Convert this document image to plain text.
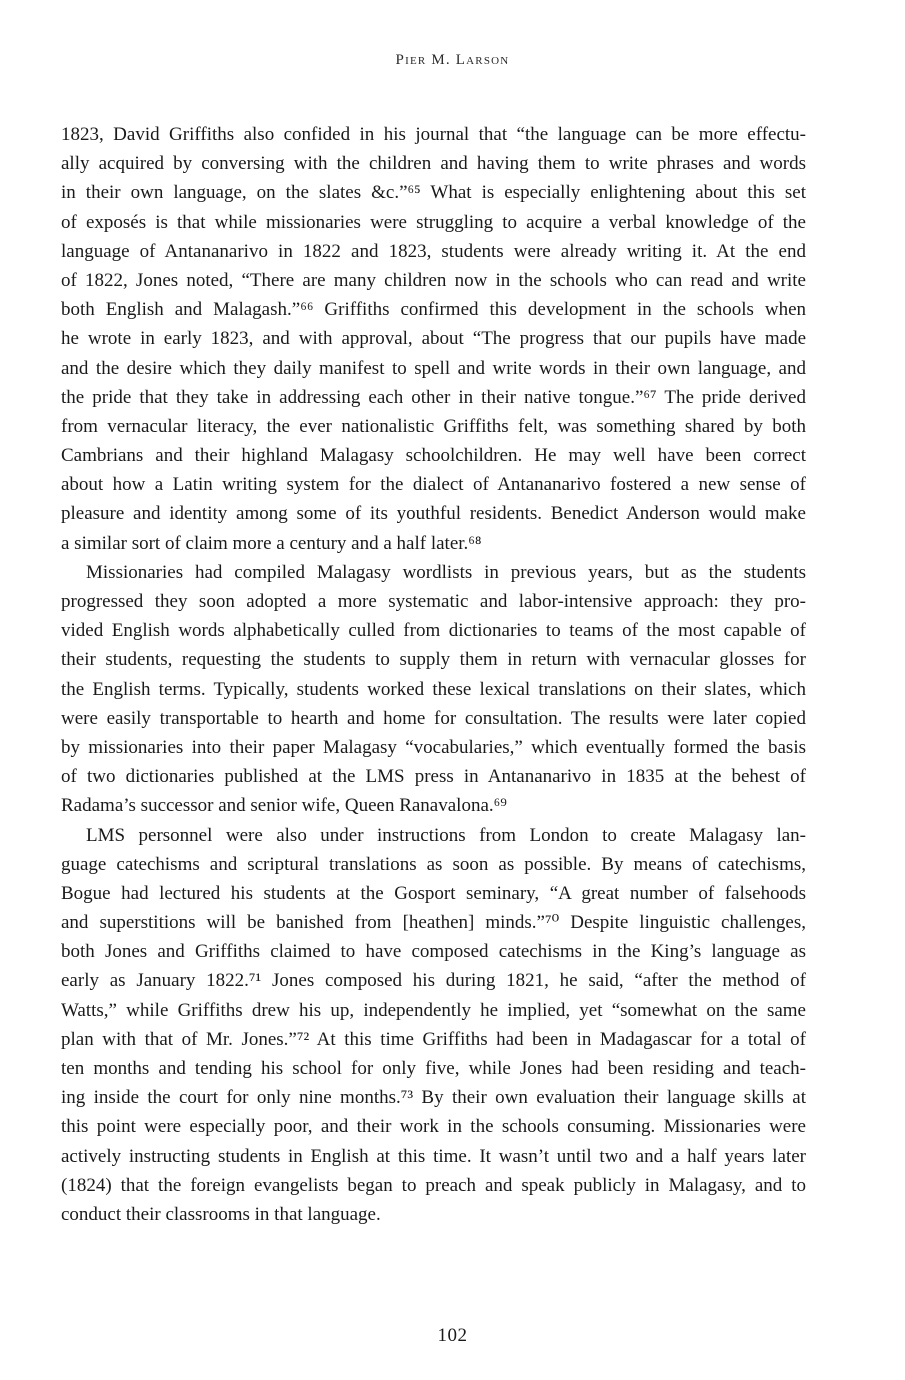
Pier M. Larson
1823, David Griffiths also confided in his journal that “the language can be more effectu-
ally acquired by conversing with the children and having them to write phrases and words
in their own language, on the slates &c.”⁶⁵ What is especially enlightening about this set
of exposés is that while missionaries were struggling to acquire a verbal knowledge of the
language of Antananarivo in 1822 and 1823, students were already writing it. At the end
of 1822, Jones noted, “There are many children now in the schools who can read and write
both English and Malagash.”⁶⁶ Griffiths confirmed this development in the schools when
he wrote in early 1823, and with approval, about “The progress that our pupils have made
and the desire which they daily manifest to spell and write words in their own language, and
the pride that they take in addressing each other in their native tongue.”⁶⁷ The pride derived
from vernacular literacy, the ever nationalistic Griffiths felt, was something shared by both
Cambrians and their highland Malagasy schoolchildren. He may well have been correct
about how a Latin writing system for the dialect of Antananarivo fostered a new sense of
pleasure and identity among some of its youthful residents. Benedict Anderson would make
a similar sort of claim more a century and a half later.⁶⁸
Missionaries had compiled Malagasy wordlists in previous years, but as the students
progressed they soon adopted a more systematic and labor-intensive approach: they pro-
vided English words alphabetically culled from dictionaries to teams of the most capable of
their students, requesting the students to supply them in return with vernacular glosses for
the English terms. Typically, students worked these lexical translations on their slates, which
were easily transportable to hearth and home for consultation. The results were later copied
by missionaries into their paper Malagasy “vocabularies,” which eventually formed the basis
of two dictionaries published at the LMS press in Antananarivo in 1835 at the behest of
Radama’s successor and senior wife, Queen Ranavalona.⁶⁹
LMS personnel were also under instructions from London to create Malagasy lan-
guage catechisms and scriptural translations as soon as possible. By means of catechisms,
Bogue had lectured his students at the Gosport seminary, “A great number of falsehoods
and superstitions will be banished from [heathen] minds.”⁷⁰ Despite linguistic challenges,
both Jones and Griffiths claimed to have composed catechisms in the King’s language as
early as January 1822.⁷¹ Jones composed his during 1821, he said, “after the method of
Watts,” while Griffiths drew his up, independently he implied, yet “somewhat on the same
plan with that of Mr. Jones.”⁷² At this time Griffiths had been in Madagascar for a total of
ten months and tending his school for only five, while Jones had been residing and teach-
ing inside the court for only nine months.⁷³ By their own evaluation their language skills at
this point were especially poor, and their work in the schools consuming. Missionaries were
actively instructing students in English at this time. It wasn’t until two and a half years later
(1824) that the foreign evangelists began to preach and speak publicly in Malagasy, and to
conduct their classrooms in that language.
102
